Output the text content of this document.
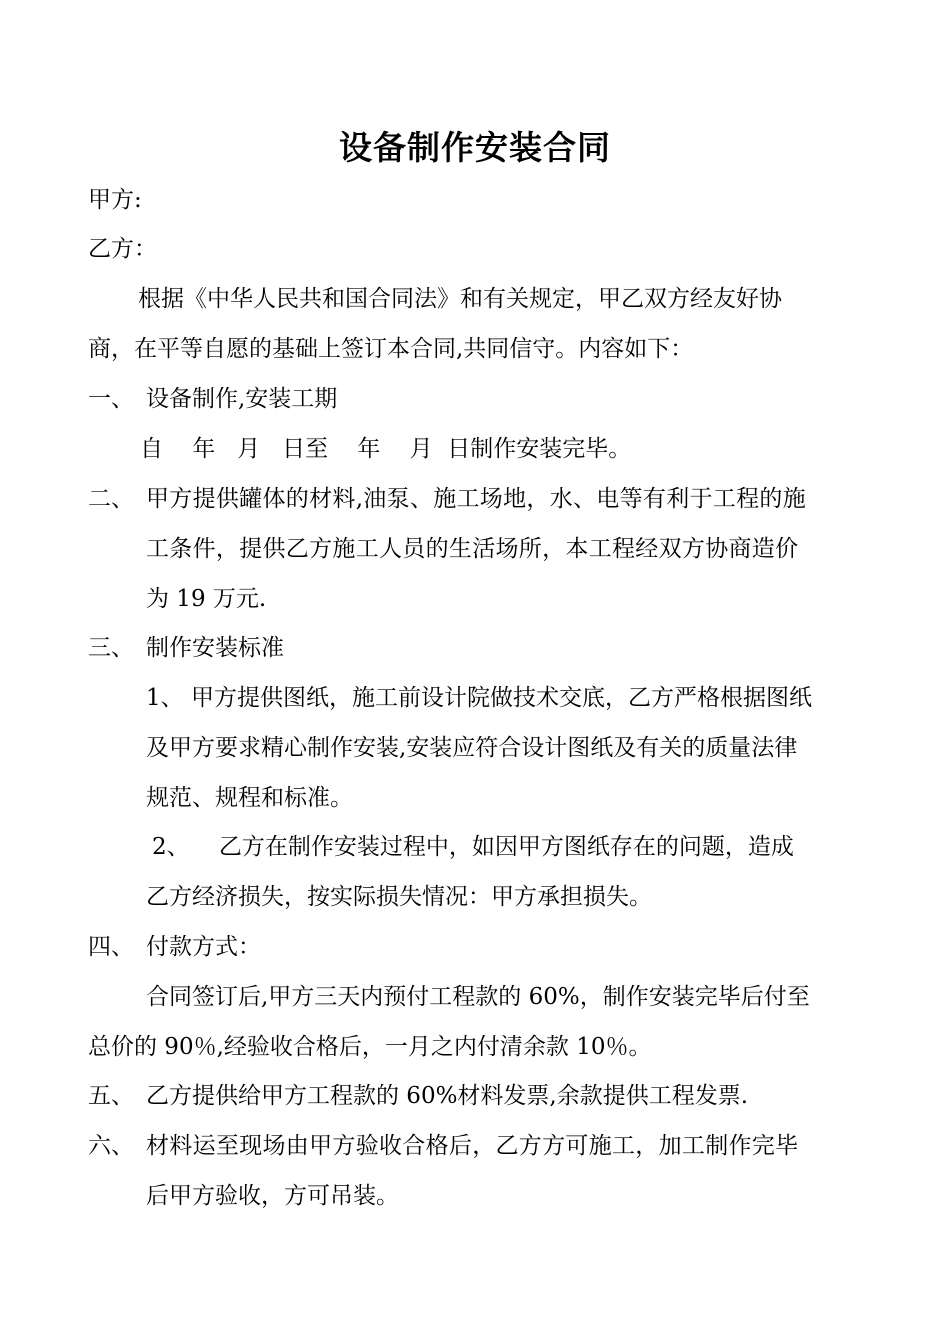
设备制作安装合同
甲方:
乙方：
根据《中华人民共和国合同法》和有关规定，甲乙双方经友好协
商，在平等自愿的基础上签订本合同,共同信守。内容如下：
一、 设备制作,安装工期
自    年   月   日至    年    月  日制作安装完毕。
二、 甲方提供罐体的材料,油泵、施工场地，水、电等有利于工程的施
工条件，提供乙方施工人员的生活场所，本工程经双方协商造价
为 19 万元.
三、 制作安装标准
1、 甲方提供图纸，施工前设计院做技术交底，乙方严格根据图纸
及甲方要求精心制作安装,安装应符合设计图纸及有关的质量法律
规范、规程和标准。
2、    乙方在制作安装过程中，如因甲方图纸存在的问题，造成
乙方经济损失，按实际损失情况：甲方承担损失。
四、 付款方式：
合同签订后,甲方三天内预付工程款的 60%，制作安装完毕后付至
总价的 90％,经验收合格后，一月之内付清余款 10％。
五、 乙方提供给甲方工程款的 60%材料发票,余款提供工程发票.
六、 材料运至现场由甲方验收合格后，乙方方可施工，加工制作完毕
后甲方验收，方可吊装。
